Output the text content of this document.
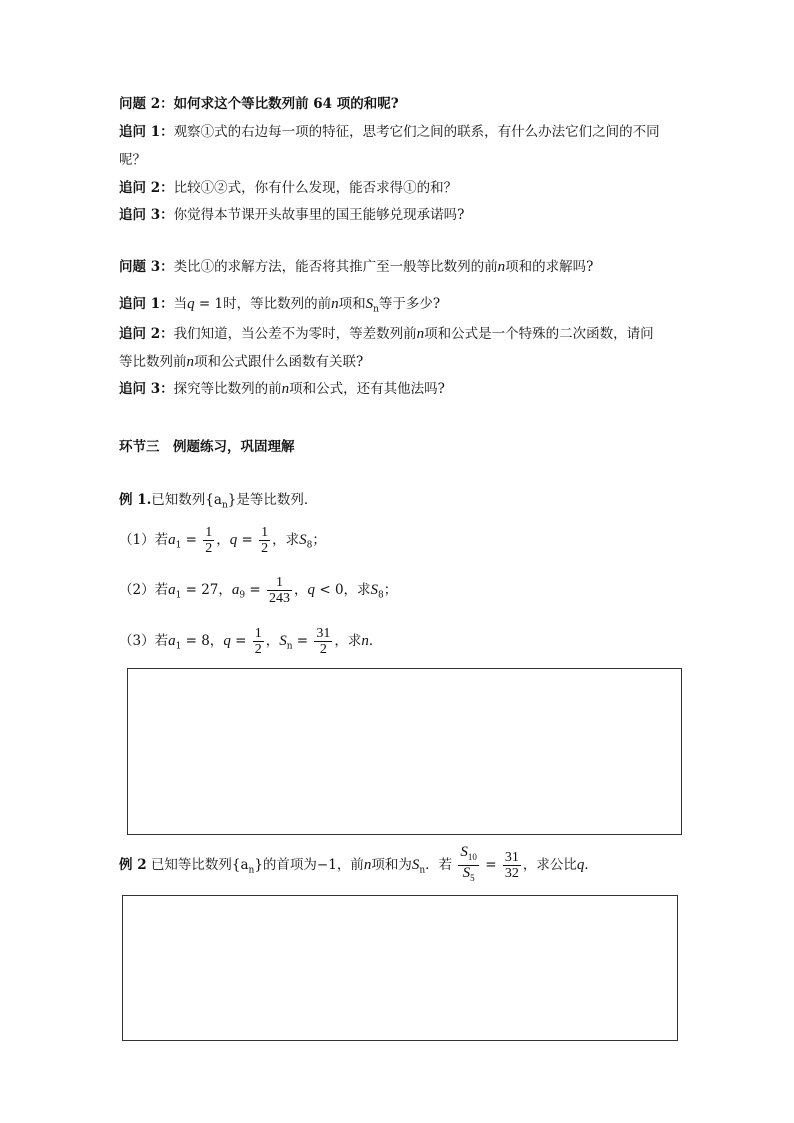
问题 2：如何求这个等比数列前 64 项的和呢?
追问 1：观察①式的右边每一项的特征，思考它们之间的联系，有什么办法它们之间的不同
呢？
追问 2：比较①②式，你有什么发现，能否求得①的和？
追问 3：你觉得本节课开头故事里的国王能够兑现承诺吗?
问题 3：类比①的求解方法，能否将其推广至一般等比数列的前n项和的求解吗?
追问 1：当q = 1时，等比数列的前n项和$S_n$等于多少?
追问 2：我们知道，当公差不为零时，等差数列前n项和公式是一个特殊的二次函数，请问
等比数列前n项和公式跟什么函数有关联?
追问 3：探究等比数列的前n项和公式，还有其他法吗?
环节三　例题练习，巩固理解
例 1.已知数列$\{a_n\}$是等比数列．
（1）若$a_1 = \frac{1}{2}$ ，$q = \frac{1}{2}$ ，求$S_8$；
（2）若$a_1 = 27$，$a_9 = \frac{1}{243}$ ，q < 0，求$S_8$；
（3）若$a_1 = 8$，$q = \frac{1}{2}$ ，$S_n = \frac{31}{2}$ ，求n．
例 2 已知等比数列$\{a_n\}$的首项为−1，前n项和为$S_n$．若 $\frac{S_{10}}{S_5} = \frac{31}{32}$ ，求公比q．
